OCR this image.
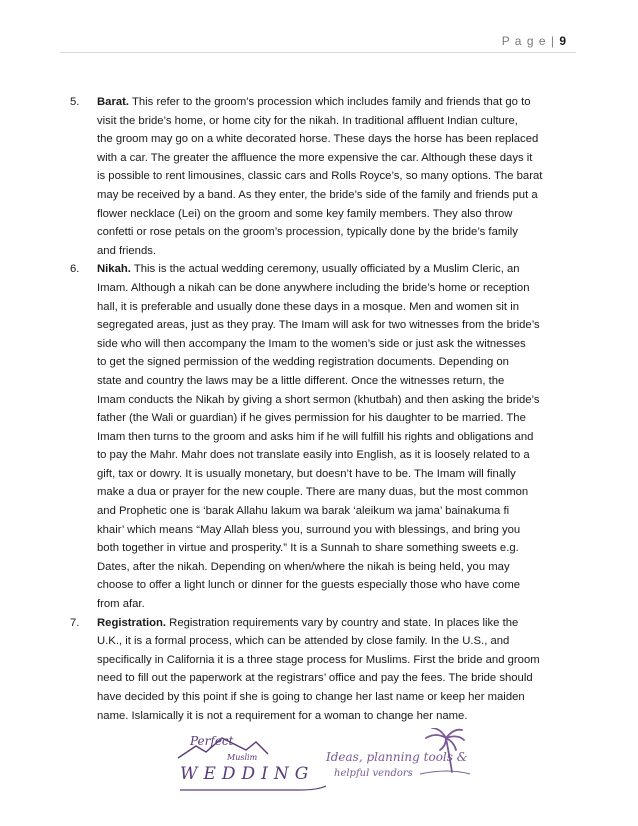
P a g e | 9
5.	Barat. This refer to the groom’s procession which includes family and friends that go to
visit the bride’s home, or home city for the nikah. In traditional affluent Indian culture,
the groom may go on a white decorated horse. These days the horse has been replaced
with a car. The greater the affluence the more expensive the car. Although these days it
is possible to rent limousines, classic cars and Rolls Royce’s, so many options. The barat
may be received by a band. As they enter, the bride’s side of the family and friends put a
flower necklace (Lei) on the groom and some key family members. They also throw
confetti or rose petals on the groom’s procession, typically done by the bride’s family
and friends.
6.	Nikah. This is the actual wedding ceremony, usually officiated by a Muslim Cleric, an
Imam. Although a nikah can be done anywhere including the bride’s home or reception
hall, it is preferable and usually done these days in a mosque. Men and women sit in
segregated areas, just as they pray. The Imam will ask for two witnesses from the bride’s
side who will then accompany the Imam to the women’s side or just ask the witnesses
to get the signed permission of the wedding registration documents. Depending on
state and country the laws may be a little different. Once the witnesses return, the
Imam conducts the Nikah by giving a short sermon (khutbah) and then asking the bride’s
father (the Wali or guardian) if he gives permission for his daughter to be married. The
Imam then turns to the groom and asks him if he will fulfill his rights and obligations and
to pay the Mahr. Mahr does not translate easily into English, as it is loosely related to a
gift, tax or dowry. It is usually monetary, but doesn’t have to be. The Imam will finally
make a dua or prayer for the new couple. There are many duas, but the most common
and Prophetic one is ‘barak Allahu lakum wa barak ‘aleikum wa jama’ bainakuma fi
khair’ which means “May Allah bless you, surround you with blessings, and bring you
both together in virtue and prosperity.” It is a Sunnah to share something sweets e.g.
Dates, after the nikah. Depending on when/where the nikah is being held, you may
choose to offer a light lunch or dinner for the guests especially those who have come
from afar.
7.	Registration. Registration requirements vary by country and state. In places like the
U.K., it is a formal process, which can be attended by close family. In the U.S., and
specifically in California it is a three stage process for Muslims. First the bride and groom
need to fill out the paperwork at the registrars’ office and pay the fees. The bride should
have decided by this point if she is going to change her last name or keep her maiden
name. Islamically it is not a requirement for a woman to change her name.
Perfect
Muslim
WEDDING
Ideas, planning tools &
helpful vendors
